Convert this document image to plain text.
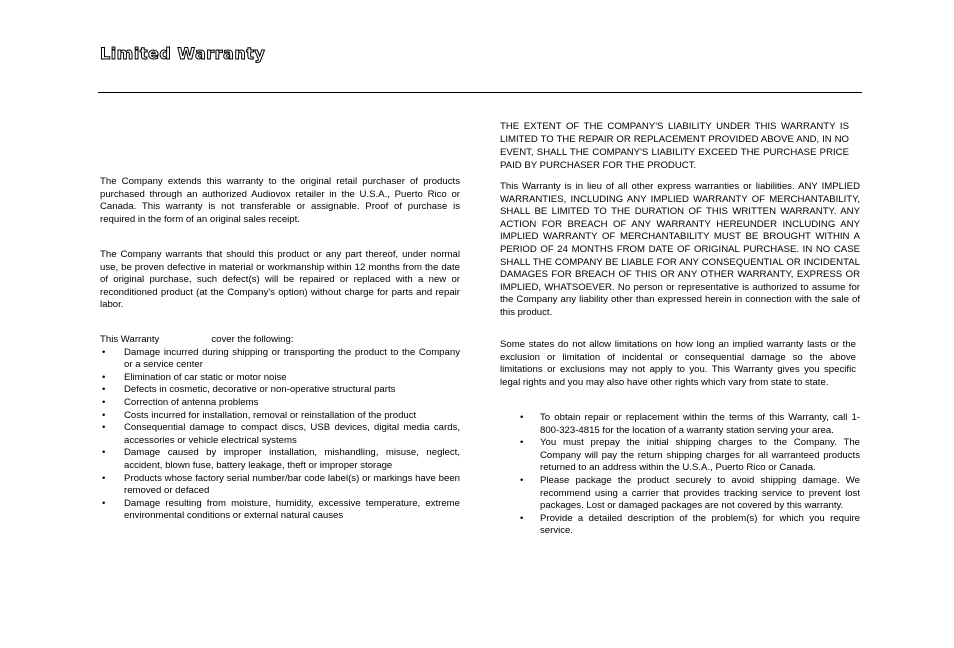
Limited Warranty

The Company extends this warranty to the original retail purchaser of products purchased through an authorized Audiovox retailer in the U.S.A., Puerto Rico or Canada. This warranty is not transferable or assignable. Proof of purchase is required in the form of an original sales receipt.

The Company warrants that should this product or any part thereof, under normal use, be proven defective in material or workmanship within 12 months from the date of original purchase, such defect(s) will be repaired or replaced with a new or reconditioned product (at the Company's option) without charge for parts and repair labor.

This Warranty	cover the following:

• Damage incurred during shipping or transporting the product to the Company or a service center
• Elimination of car static or motor noise
• Defects in cosmetic, decorative or non-operative structural parts
• Correction of antenna problems
• Costs incurred for installation, removal or reinstallation of the product
• Consequential damage to compact discs, USB devices, digital media cards, accessories or vehicle electrical systems
• Damage caused by improper installation, mishandling, misuse, neglect, accident, blown fuse, battery leakage, theft or improper storage
• Products whose factory serial number/bar code label(s) or markings have been removed or defaced
• Damage resulting from moisture, humidity, excessive temperature, extreme environmental conditions or external natural causes

THE EXTENT OF THE COMPANY'S LIABILITY UNDER THIS WARRANTY IS LIMITED TO THE REPAIR OR REPLACEMENT PROVIDED ABOVE AND, IN NO EVENT, SHALL THE COMPANY'S LIABILITY EXCEED THE PURCHASE PRICE PAID BY PURCHASER FOR THE PRODUCT.

This Warranty is in lieu of all other express warranties or liabilities. ANY IMPLIED WARRANTIES, INCLUDING ANY IMPLIED WARRANTY OF MERCHANTABILITY, SHALL BE LIMITED TO THE DURATION OF THIS WRITTEN WARRANTY. ANY ACTION FOR BREACH OF ANY WARRANTY HEREUNDER INCLUDING ANY IMPLIED WARRANTY OF MERCHANTABILITY MUST BE BROUGHT WITHIN A PERIOD OF 24 MONTHS FROM DATE OF ORIGINAL PURCHASE. IN NO CASE SHALL THE COMPANY BE LIABLE FOR ANY CONSEQUENTIAL OR INCIDENTAL DAMAGES FOR BREACH OF THIS OR ANY OTHER WARRANTY, EXPRESS OR IMPLIED, WHATSOEVER. No person or representative is authorized to assume for the Company any liability other than expressed herein in connection with the sale of this product.

Some states do not allow limitations on how long an implied warranty lasts or the exclusion or limitation of incidental or consequential damage so the above limitations or exclusions may not apply to you. This Warranty gives you specific legal rights and you may also have other rights which vary from state to state.

• To obtain repair or replacement within the terms of this Warranty, call 1-800-323-4815 for the location of a warranty station serving your area.
• You must prepay the initial shipping charges to the Company. The Company will pay the return shipping charges for all warranteed products returned to an address within the U.S.A., Puerto Rico or Canada.
• Please package the product securely to avoid shipping damage. We recommend using a carrier that provides tracking service to prevent lost packages. Lost or damaged packages are not covered by this warranty.
• Provide a detailed description of the problem(s) for which you require service.
